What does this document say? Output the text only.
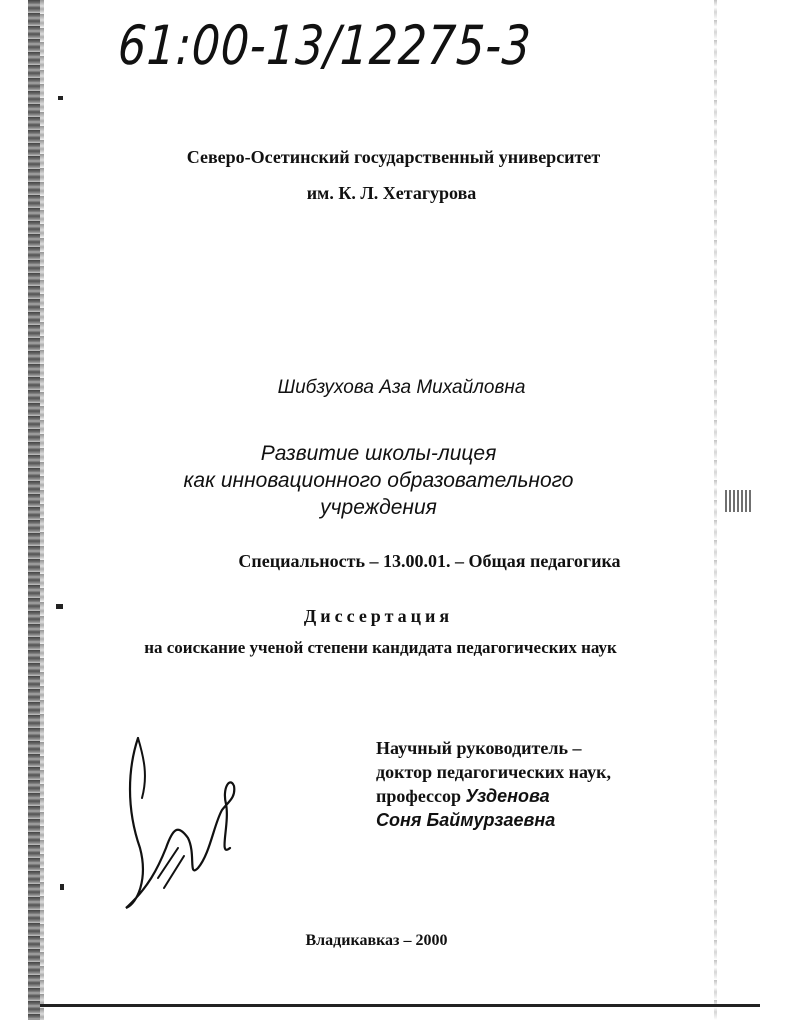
61:00-13/12275-3

Северо-Осетинский государственный университет

им. К. Л. Хетагурова

Шибзухова Аза Михайловна

Развитие школы-лицея
как инновационного образовательного
учреждения

Специальность – 13.00.01. – Общая педагогика

Диссертация

на соискание ученой степени кандидата педагогических наук

Научный руководитель –
доктор педагогических наук,
профессор Узденова
Соня Баймурзаевна

Владикавказ – 2000
